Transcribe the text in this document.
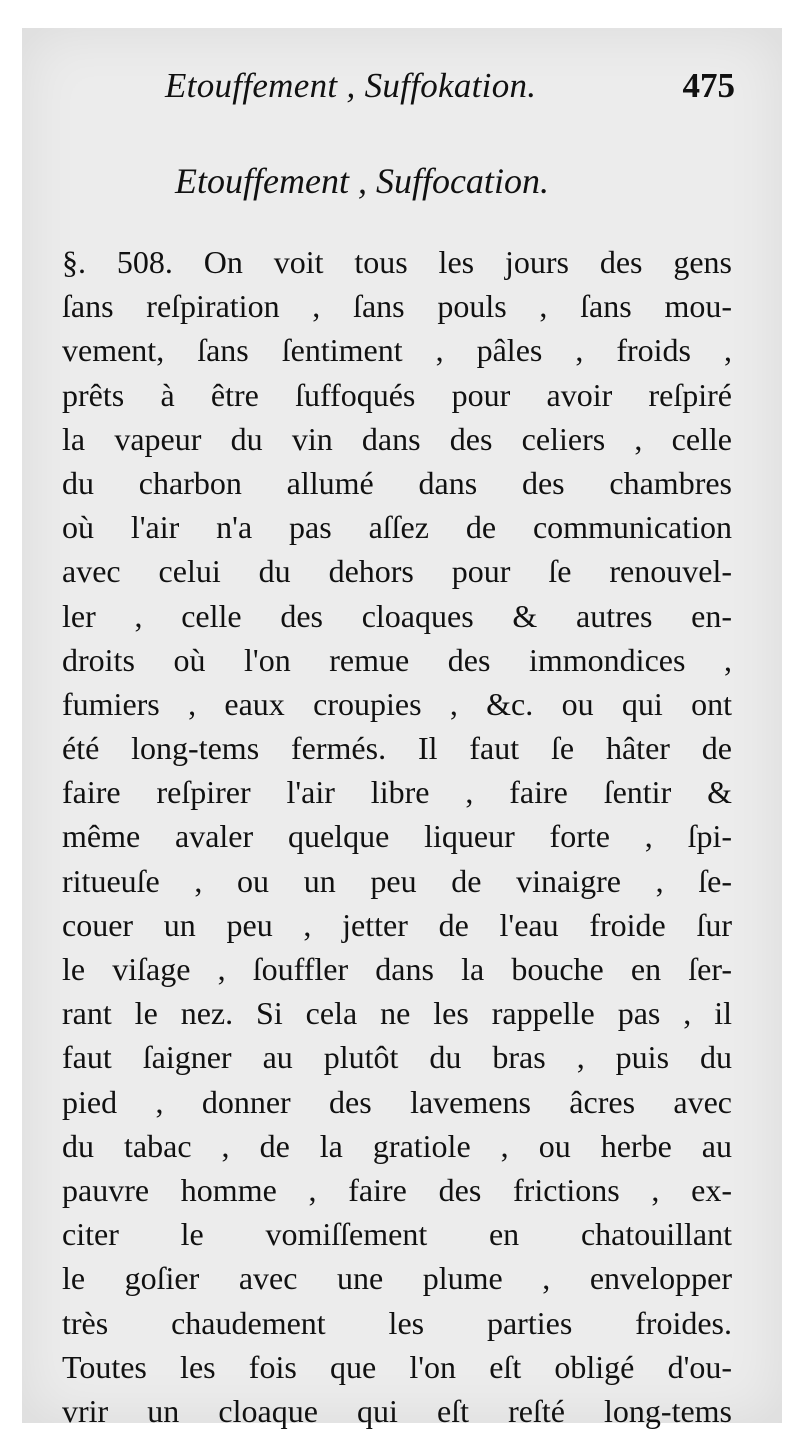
Etouffement , Suffokation.	475
Etouffement , Suffocation.
§. 508. On voit tous les jours des gens
ſans reſpiration , ſans pouls , ſans mou-
vement, ſans ſentiment , pâles , froids ,
prêts à être ſuffoqués pour avoir reſpiré
la vapeur du vin dans des celiers , celle
du charbon allumé dans des chambres
où l'air n'a pas aſſez de communication
avec celui du dehors pour ſe renouvel-
ler , celle des cloaques & autres en-
droits où l'on remue des immondices ,
fumiers , eaux croupies , &c. ou qui ont
été long-tems fermés. Il faut ſe hâter de
faire reſpirer l'air libre , faire ſentir &
même avaler quelque liqueur forte , ſpi-
ritueuſe , ou un peu de vinaigre , ſe-
couer un peu , jetter de l'eau froide ſur
le viſage , ſouffler dans la bouche en ſer-
rant le nez. Si cela ne les rappelle pas , il
faut ſaigner au plutôt du bras , puis du
pied , donner des lavemens âcres avec
du tabac , de la gratiole , ou herbe au
pauvre homme , faire des frictions , ex-
citer le vomiſſement en chatouillant
le goſier avec une plume , envelopper
très chaudement les parties froides.
Toutes les fois que l'on eſt obligé d'ou-
vrir un cloaque qui eſt reſté long-tems
